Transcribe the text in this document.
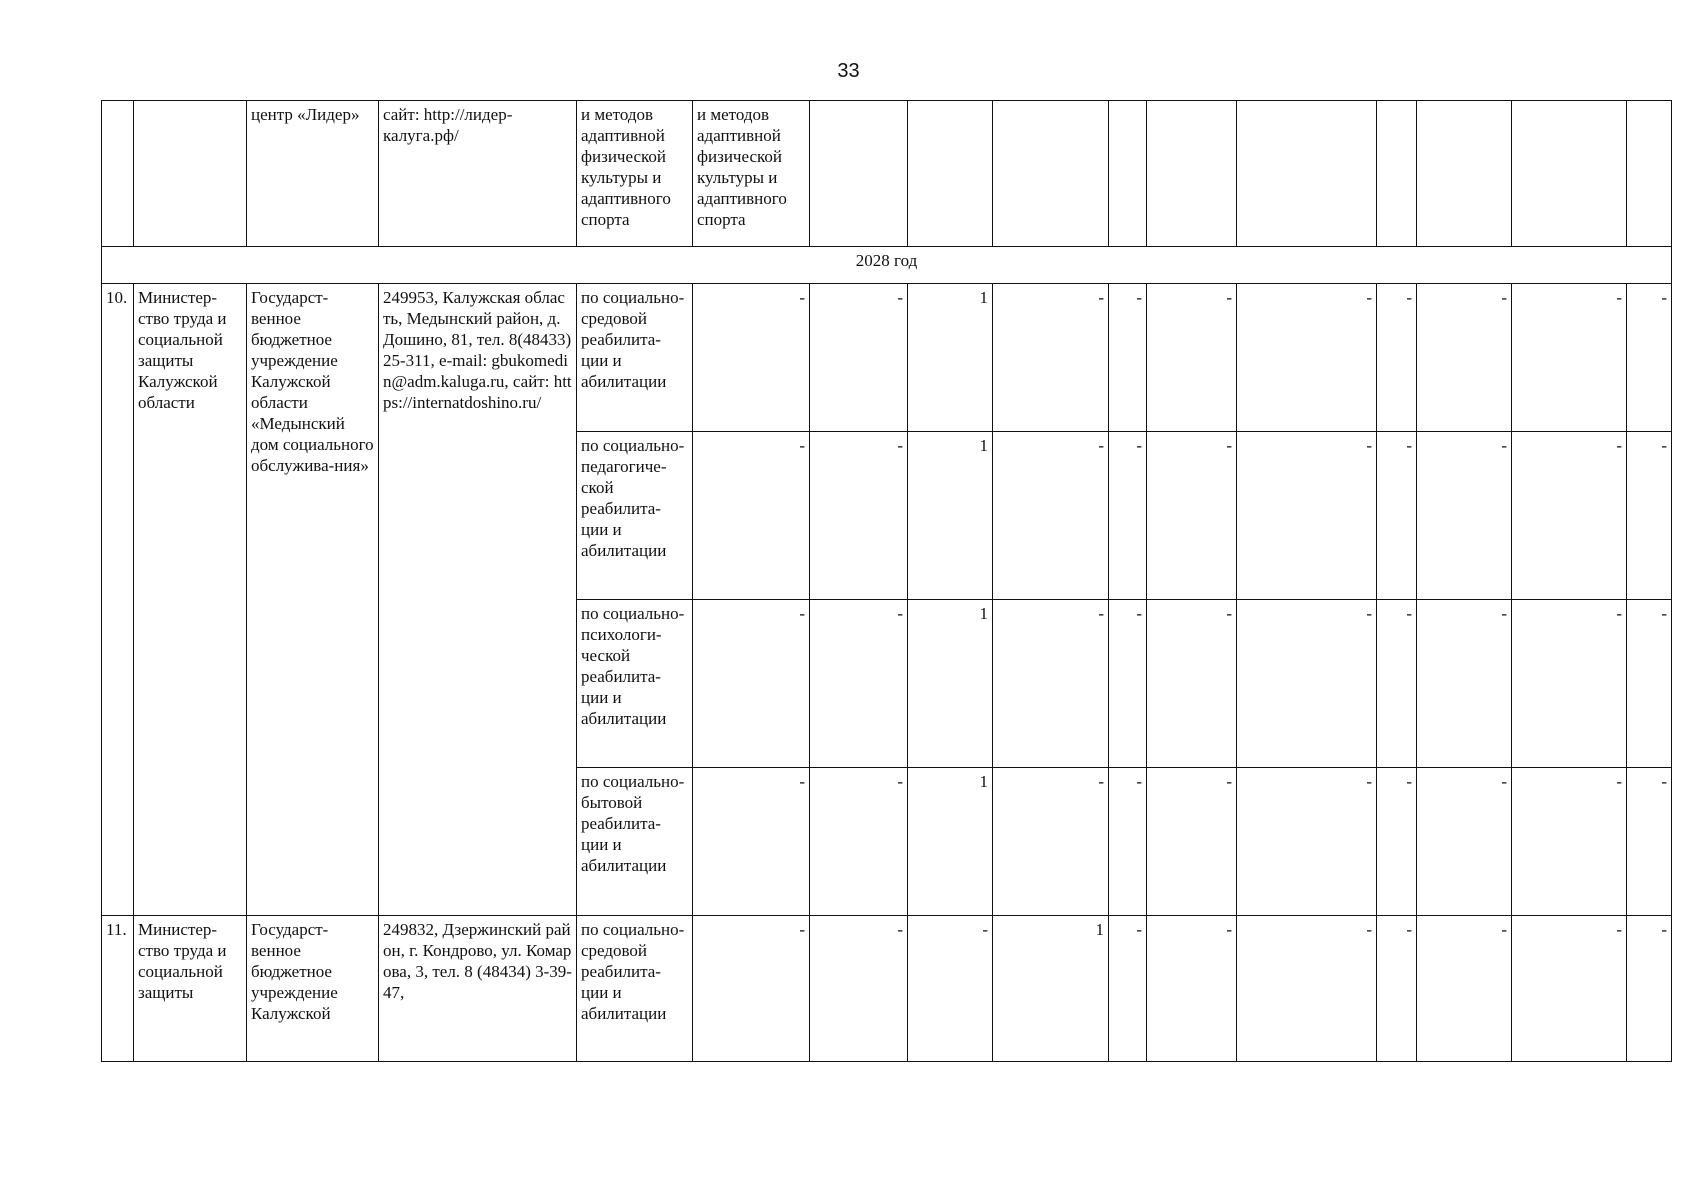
33
		центр «Лидер»	сайт: http://лидер-калуга.рф/	и методов адаптивной физической культуры и адаптивного спорта	и методов адаптивной физической культуры и адаптивного спорта										
2028 год															
10.	Министер-ство труда и социальной защиты Калужской области	Государст-венное бюджетное учреждение Калужской области «Медынский дом социального обслужива-ния»	249953, Калужская область, Медынский район, д. Дошино, 81, тел. 8(48433) 25-311, e-mail: gbukomedin@adm.kaluga.ru, сайт: https://internatdoshino.ru/	по социально-средовой реабилита-ции и абилитации	-	-	1	-	-	-	-	-	-	-	-
				по социально-педагогиче-ской реабилита-ции и абилитации	-	-	1	-	-	-	-	-	-	-	-
				по социально-психологи-ческой реабилита-ции и абилитации	-	-	1	-	-	-	-	-	-	-	-
				по социально-бытовой реабилита-ции и абилитации	-	-	1	-	-	-	-	-	-	-	-
11.	Министер-ство труда и социальной защиты	Государст-венное бюджетное учреждение Калужской	249832, Дзержинский район, г. Кондрово, ул. Комарова, 3, тел. 8 (48434) 3-39-47,	по социально-средовой реабилита-ции и абилитации	-	-	-	1	-	-	-	-	-	-	-
